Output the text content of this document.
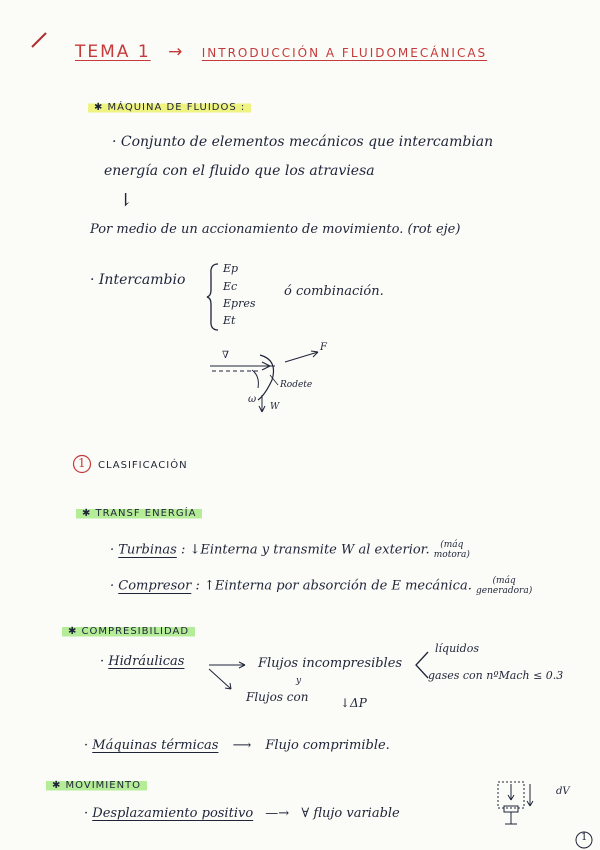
TEMA 1 → INTRODUCCIÓN A FLUIDOMECÁNICAS
✱ MÁQUINA DE FLUIDOS :
· Conjunto de elementos mecánicos que intercambian
energía con el fluido que los atraviesa
⇂
Por medio de un accionamiento de movimiento. (rot eje)
· Intercambio
Ep
Ec
Epres
Et
ó combinación.
∇
F
Rodete
ω
W
1 CLASIFICACIÓN
✱ TRANSF ENERGÍA
· Turbinas : ↓Einterna y transmite W al exterior. (máq
motora)
· Compresor : ↑Einterna por absorción de E mecánica. (máq
generadora)
✱ COMPRESIBILIDAD
· Hidráulicas	Flujos incompresibles
líquidos
gases con nºMach ≤ 0.3
y
Flujos con	↓ΔP
· Máquinas térmicas ⟶ Flujo comprimible.
✱ MOVIMIENTO
· Desplazamiento positivo —→ ∀ flujo variable
dV
1
